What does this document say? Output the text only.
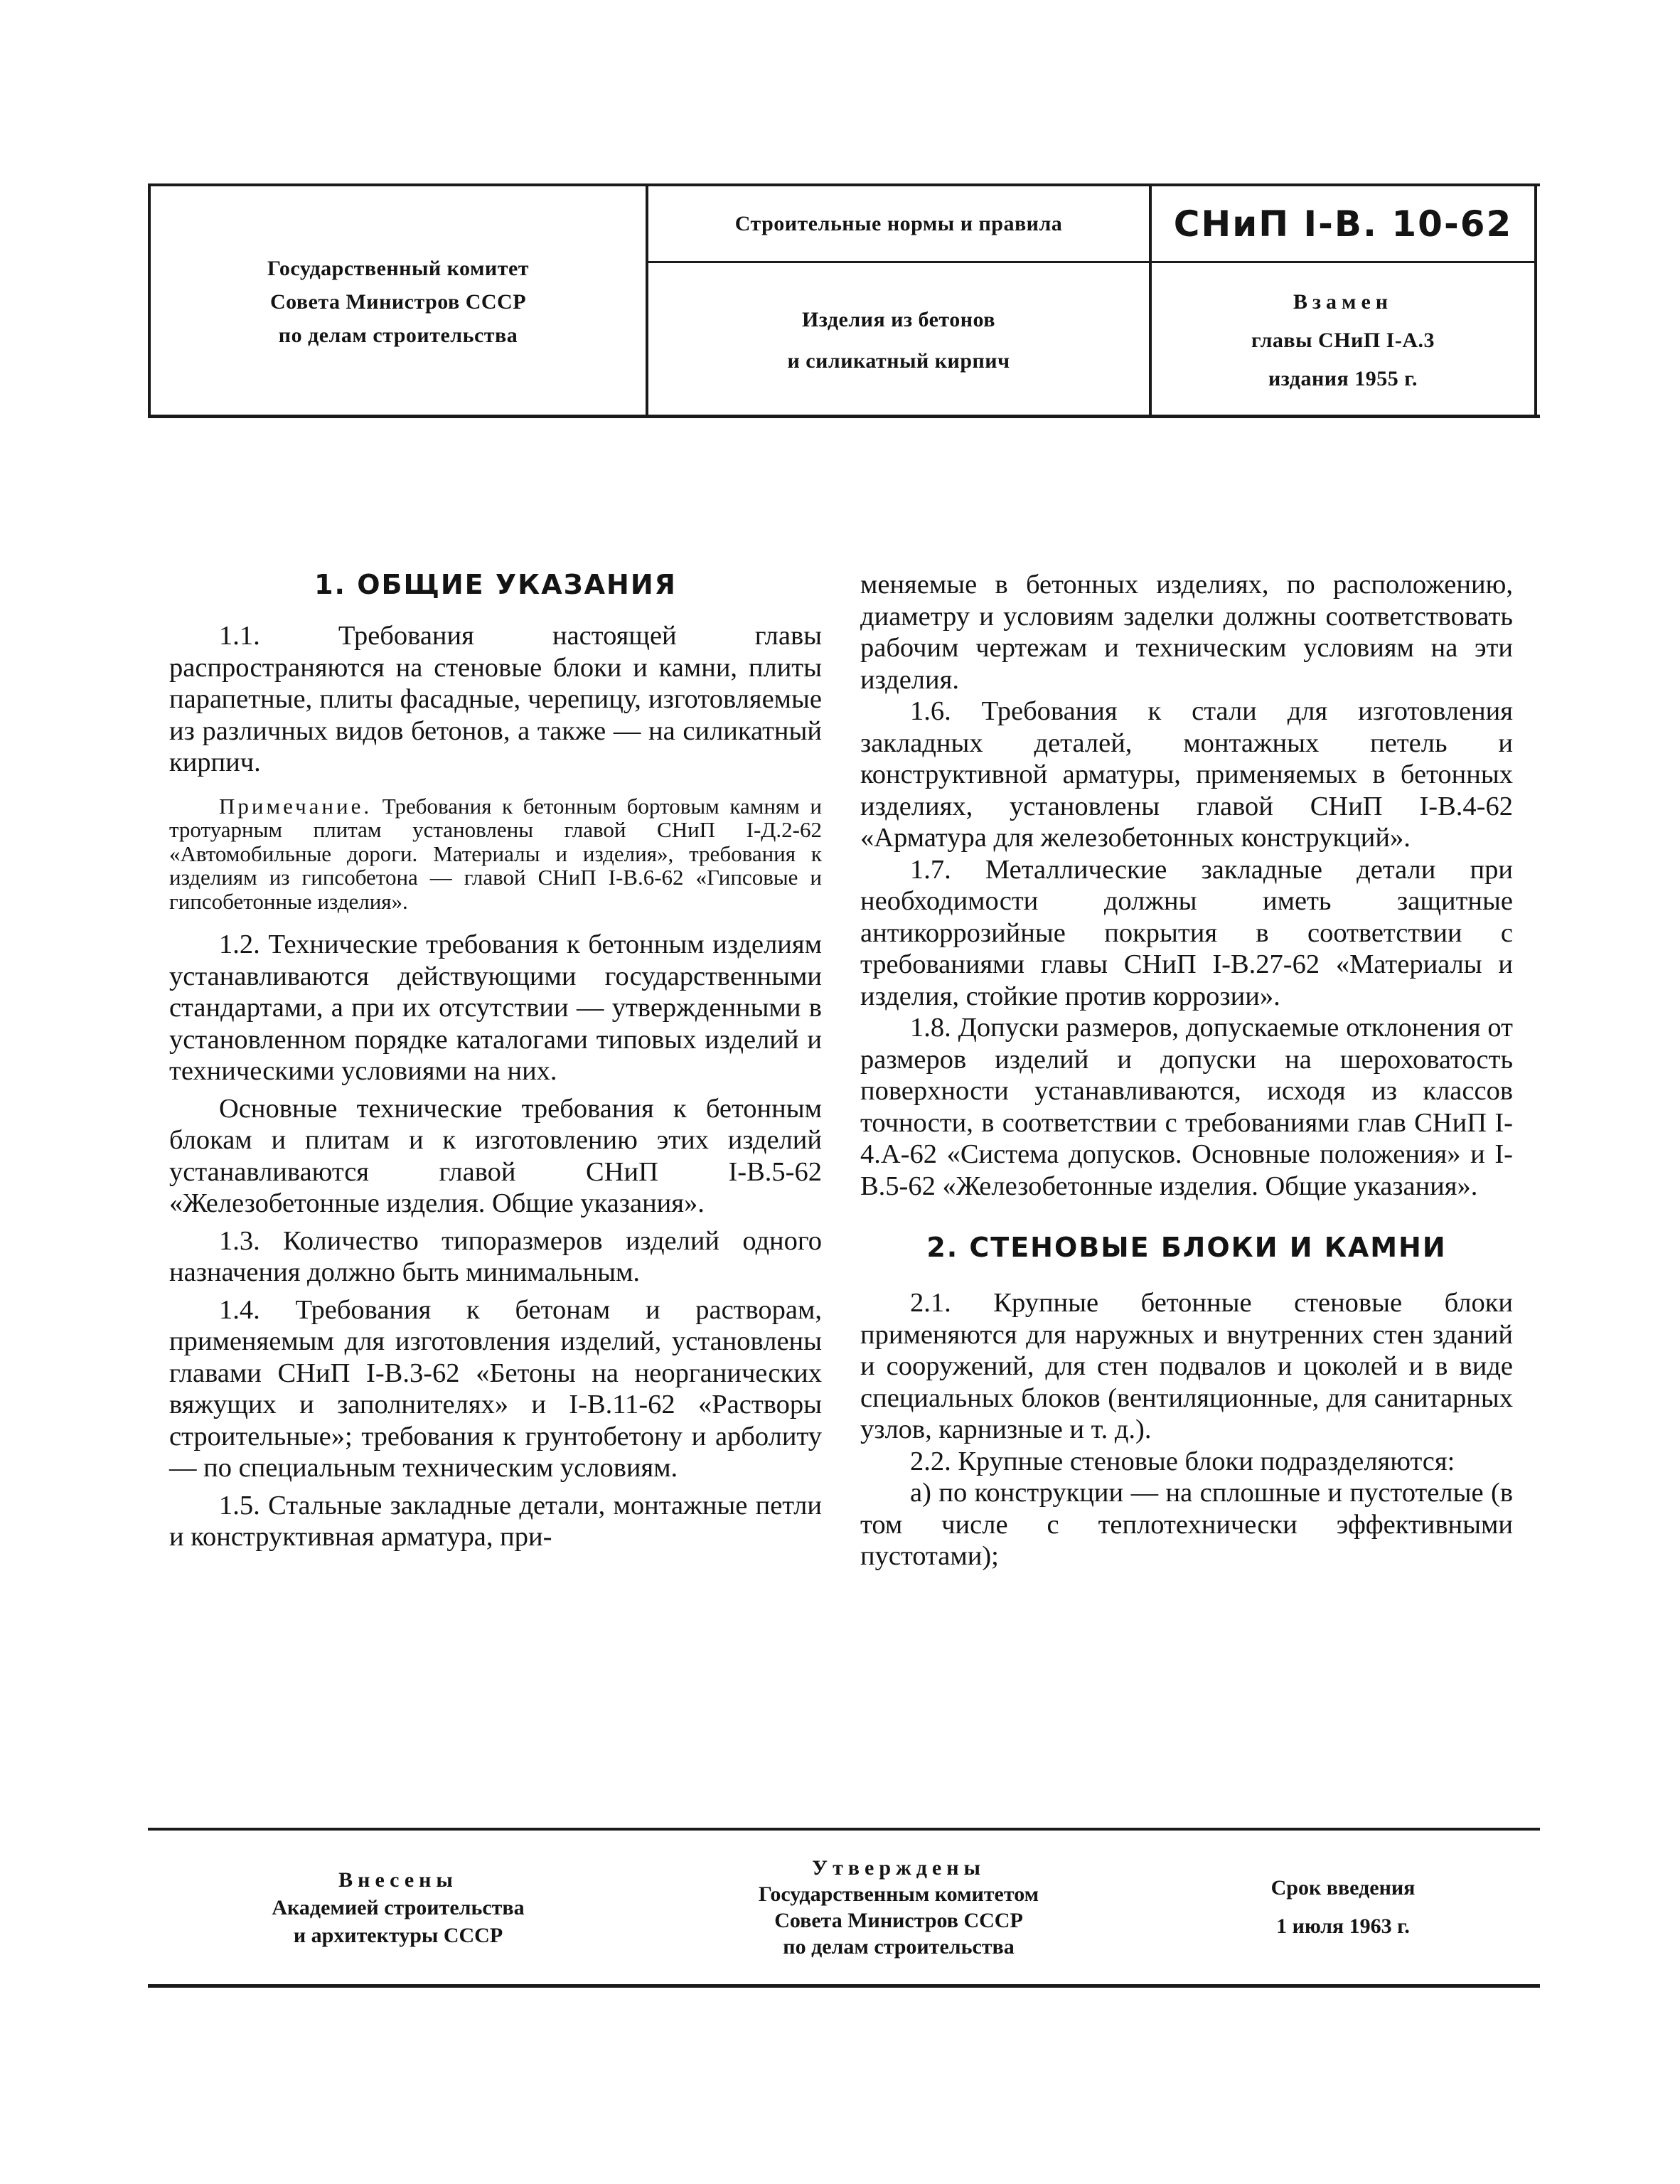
Государственный комитет
Совета Министров СССР
по делам строительства
Строительные нормы и правила	СНиП I-В. 10-62
Изделия из бетонов
и силикатный кирпич
Взамен
главы СНиП I-А.3
издания 1955 г.
1. ОБЩИЕ УКАЗАНИЯ

1.1. Требования настоящей главы распространяются на стеновые блоки и камни, плиты парапетные, плиты фасадные, черепицу, изготовляемые из различных видов бетонов, а также — на силикатный кирпич.

Примечание. Требования к бетонным бортовым камням и тротуарным плитам установлены главой СНиП I-Д.2-62 «Автомобильные дороги. Материалы и изделия», требования к изделиям из гипсобетона — главой СНиП I-В.6-62 «Гипсовые и гипсобетонные изделия».

1.2. Технические требования к бетонным изделиям устанавливаются действующими государственными стандартами, а при их отсутствии — утвержденными в установленном порядке каталогами типовых изделий и техническими условиями на них.

Основные технические требования к бетонным блокам и плитам и к изготовлению этих изделий устанавливаются главой СНиП I-В.5-62 «Железобетонные изделия. Общие указания».

1.3. Количество типоразмеров изделий одного назначения должно быть минимальным.

1.4. Требования к бетонам и растворам, применяемым для изготовления изделий, установлены главами СНиП I-В.3-62 «Бетоны на неорганических вяжущих и заполнителях» и I-В.11-62 «Растворы строительные»; требования к грунтобетону и арболиту — по специальным техническим условиям.

1.5. Стальные закладные детали, монтажные петли и конструктивная арматура, при-

меняемые в бетонных изделиях, по расположению, диаметру и условиям заделки должны соответствовать рабочим чертежам и техническим условиям на эти изделия.

1.6. Требования к стали для изготовления закладных деталей, монтажных петель и конструктивной арматуры, применяемых в бетонных изделиях, установлены главой СНиП I-В.4-62 «Арматура для железобетонных конструкций».

1.7. Металлические закладные детали при необходимости должны иметь защитные антикоррозийные покрытия в соответствии с требованиями главы СНиП I-В.27-62 «Материалы и изделия, стойкие против коррозии».

1.8. Допуски размеров, допускаемые отклонения от размеров изделий и допуски на шероховатость поверхности устанавливаются, исходя из классов точности, в соответствии с требованиями глав СНиП I-4.А-62 «Система допусков. Основные положения» и I-В.5-62 «Железобетонные изделия. Общие указания».

2. СТЕНОВЫЕ БЛОКИ И КАМНИ

2.1. Крупные бетонные стеновые блоки применяются для наружных и внутренних стен зданий и сооружений, для стен подвалов и цоколей и в виде специальных блоков (вентиляционные, для санитарных узлов, карнизные и т. д.).

2.2. Крупные стеновые блоки подразделяются:

а) по конструкции — на сплошные и пустотелые (в том числе с теплотехнически эффективными пустотами);

Внесены
Академией строительства
и архитектуры СССР
Утверждены
Государственным комитетом
Совета Министров СССР
по делам строительства
Срок введения
1 июля 1963 г.
